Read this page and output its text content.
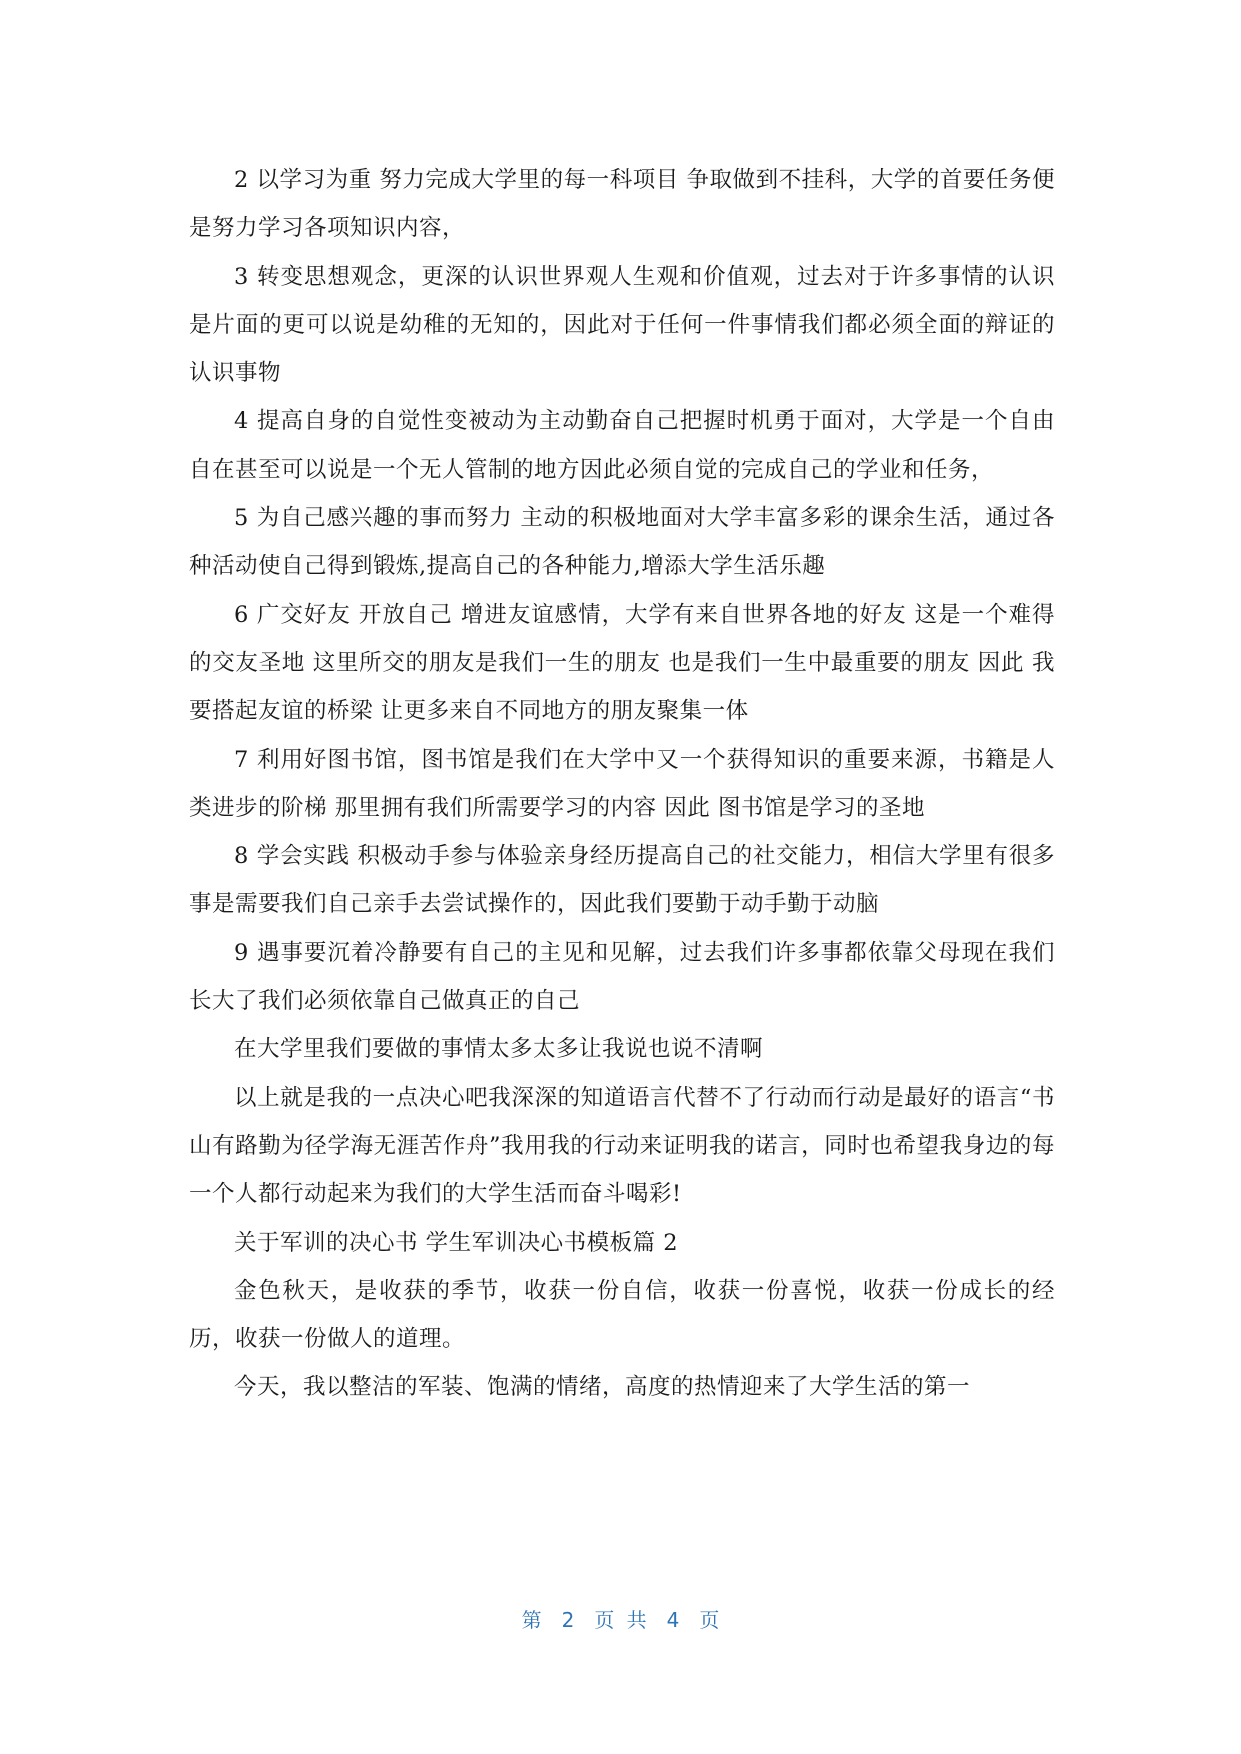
2 以学习为重 努力完成大学里的每一科项目 争取做到不挂科，大学的首要任务便是努力学习各项知识内容，

3 转变思想观念，更深的认识世界观人生观和价值观，过去对于许多事情的认识是片面的更可以说是幼稚的无知的，因此对于任何一件事情我们都必须全面的辩证的认识事物

4 提高自身的自觉性变被动为主动勤奋自己把握时机勇于面对，大学是一个自由自在甚至可以说是一个无人管制的地方因此必须自觉的完成自己的学业和任务，

5 为自己感兴趣的事而努力 主动的积极地面对大学丰富多彩的课余生活，通过各种活动使自己得到锻炼,提高自己的各种能力,增添大学生活乐趣

6 广交好友 开放自己 增进友谊感情，大学有来自世界各地的好友 这是一个难得的交友圣地 这里所交的朋友是我们一生的朋友 也是我们一生中最重要的朋友 因此 我要搭起友谊的桥梁 让更多来自不同地方的朋友聚集一体

7 利用好图书馆，图书馆是我们在大学中又一个获得知识的重要来源，书籍是人类进步的阶梯 那里拥有我们所需要学习的内容 因此 图书馆是学习的圣地

8 学会实践 积极动手参与体验亲身经历提高自己的社交能力，相信大学里有很多事是需要我们自己亲手去尝试操作的，因此我们要勤于动手勤于动脑

9 遇事要沉着冷静要有自己的主见和见解，过去我们许多事都依靠父母现在我们长大了我们必须依靠自己做真正的自己

在大学里我们要做的事情太多太多让我说也说不清啊

以上就是我的一点决心吧我深深的知道语言代替不了行动而行动是最好的语言“书山有路勤为径学海无涯苦作舟”我用我的行动来证明我的诺言，同时也希望我身边的每一个人都行动起来为我们的大学生活而奋斗喝彩!

关于军训的决心书 学生军训决心书模板篇 2

金色秋天，是收获的季节，收获一份自信，收获一份喜悦，收获一份成长的经历，收获一份做人的道理。

今天，我以整洁的军装、饱满的情绪，高度的热情迎来了大学生活的第一

第 2 页 共 4 页
